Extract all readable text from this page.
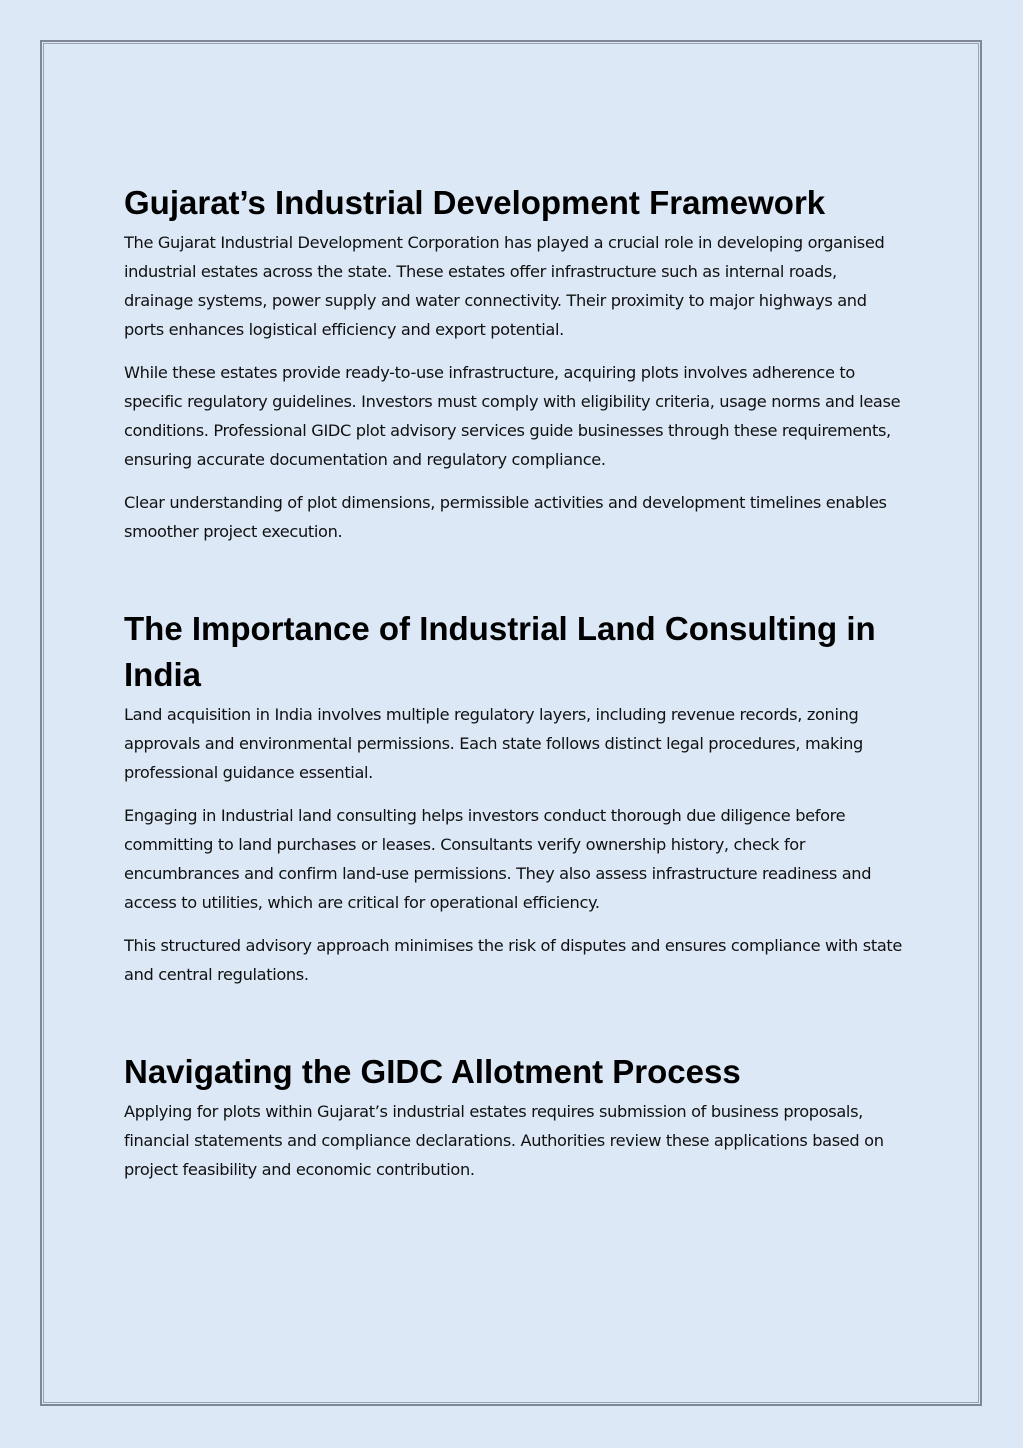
Gujarat’s Industrial Development Framework

The Gujarat Industrial Development Corporation has played a crucial role in developing organised industrial estates across the state. These estates offer infrastructure such as internal roads, drainage systems, power supply and water connectivity. Their proximity to major highways and ports enhances logistical efficiency and export potential.

While these estates provide ready-to-use infrastructure, acquiring plots involves adherence to specific regulatory guidelines. Investors must comply with eligibility criteria, usage norms and lease conditions. Professional GIDC plot advisory services guide businesses through these requirements, ensuring accurate documentation and regulatory compliance.

Clear understanding of plot dimensions, permissible activities and development timelines enables smoother project execution.

The Importance of Industrial Land Consulting in India

Land acquisition in India involves multiple regulatory layers, including revenue records, zoning approvals and environmental permissions. Each state follows distinct legal procedures, making professional guidance essential.

Engaging in Industrial land consulting helps investors conduct thorough due diligence before committing to land purchases or leases. Consultants verify ownership history, check for encumbrances and confirm land-use permissions. They also assess infrastructure readiness and access to utilities, which are critical for operational efficiency.

This structured advisory approach minimises the risk of disputes and ensures compliance with state and central regulations.

Navigating the GIDC Allotment Process

Applying for plots within Gujarat’s industrial estates requires submission of business proposals, financial statements and compliance declarations. Authorities review these applications based on project feasibility and economic contribution.
